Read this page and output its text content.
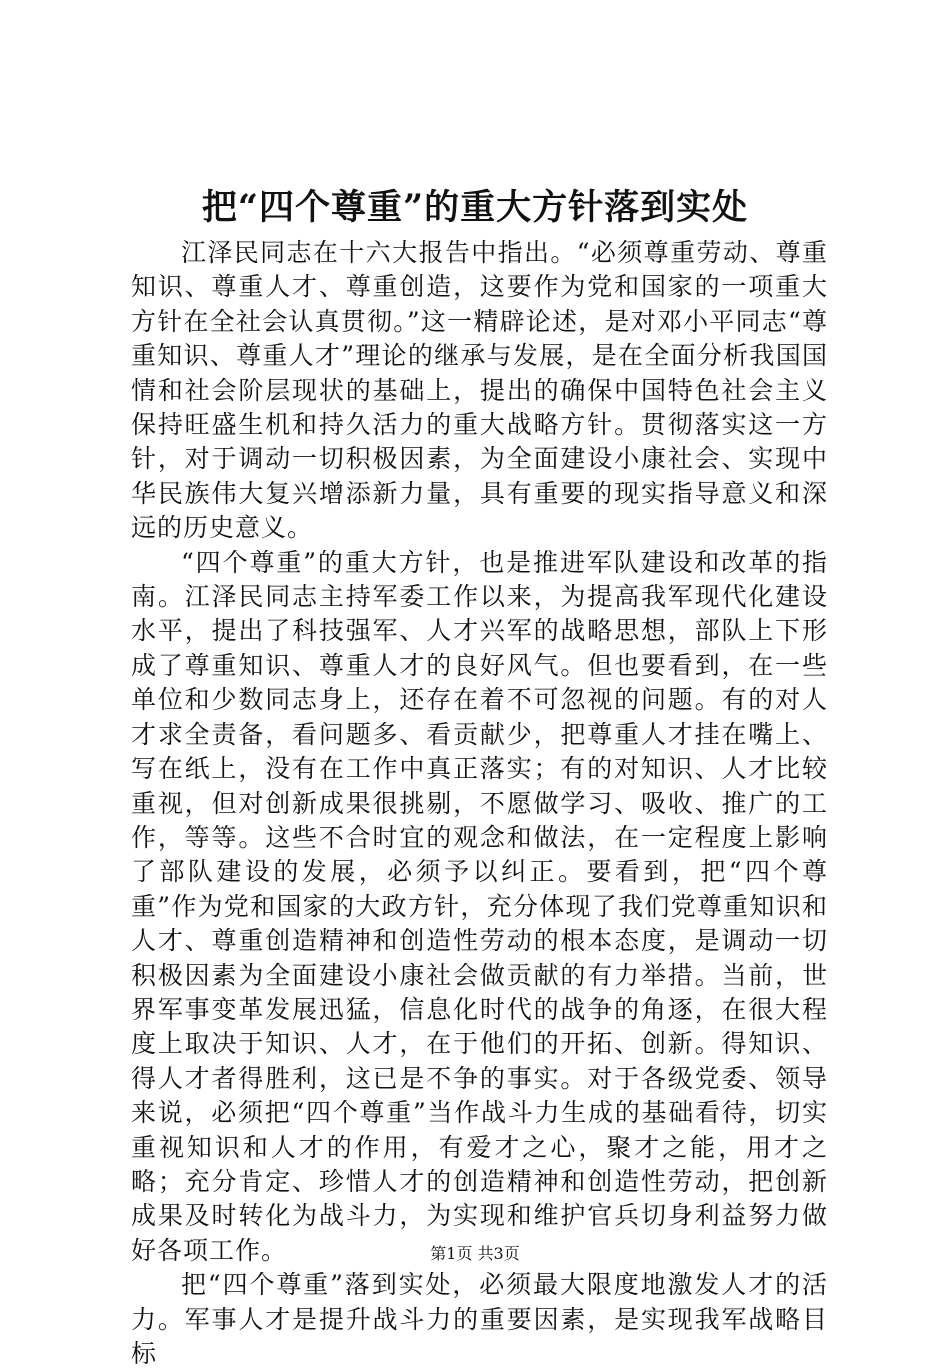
把“四个尊重”的重大方针落到实处

江泽民同志在十六大报告中指出。“必须尊重劳动、尊重知识、尊重人才、尊重创造，这要作为党和国家的一项重大方针在全社会认真贯彻。”这一精辟论述，是对邓小平同志“尊重知识、尊重人才”理论的继承与发展，是在全面分析我国国情和社会阶层现状的基础上，提出的确保中国特色社会主义保持旺盛生机和持久活力的重大战略方针。贯彻落实这一方针，对于调动一切积极因素，为全面建设小康社会、实现中华民族伟大复兴增添新力量，具有重要的现实指导意义和深远的历史意义。

“四个尊重”的重大方针，也是推进军队建设和改革的指南。江泽民同志主持军委工作以来，为提高我军现代化建设水平，提出了科技强军、人才兴军的战略思想，部队上下形成了尊重知识、尊重人才的良好风气。但也要看到，在一些单位和少数同志身上，还存在着不可忽视的问题。有的对人才求全责备，看问题多、看贡献少，把尊重人才挂在嘴上、写在纸上，没有在工作中真正落实；有的对知识、人才比较重视，但对创新成果很挑剔，不愿做学习、吸收、推广的工作，等等。这些不合时宜的观念和做法，在一定程度上影响了部队建设的发展，必须予以纠正。要看到，把“四个尊重”作为党和国家的大政方针，充分体现了我们党尊重知识和人才、尊重创造精神和创造性劳动的根本态度，是调动一切积极因素为全面建设小康社会做贡献的有力举措。当前，世界军事变革发展迅猛，信息化时代的战争的角逐，在很大程度上取决于知识、人才，在于他们的开拓、创新。得知识、得人才者得胜利，这已是不争的事实。对于各级党委、领导来说，必须把“四个尊重”当作战斗力生成的基础看待，切实重视知识和人才的作用，有爱才之心，聚才之能，用才之略；充分肯定、珍惜人才的创造精神和创造性劳动，把创新成果及时转化为战斗力，为实现和维护官兵切身利益努力做好各项工作。

把“四个尊重”落到实处，必须最大限度地激发人才的活力。军事人才是提升战斗力的重要因素，是实现我军战略目标

第1页 共3页
